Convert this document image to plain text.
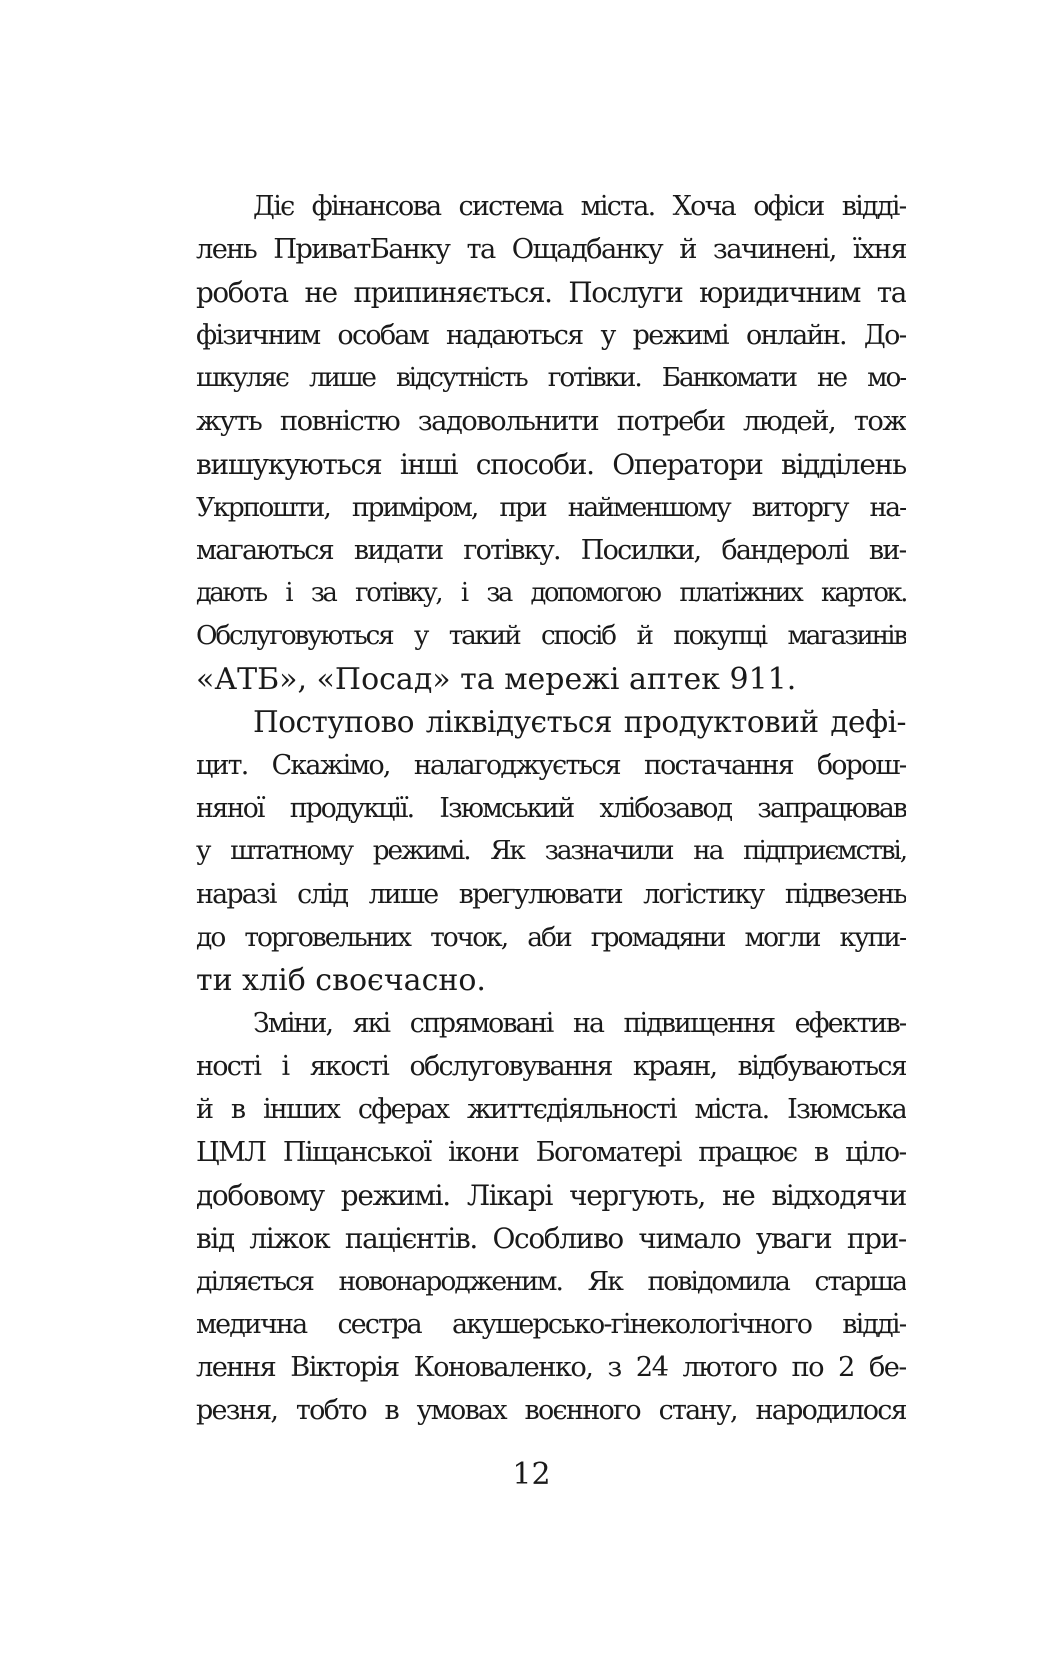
Діє фінансова система міста. Хоча офіси відді-
лень ПриватБанку та Ощадбанку й зачинені, їхня
робота не припиняється. Послуги юридичним та
фізичним особам надаються у режимі онлайн. До-
шкуляє лише відсутність готівки. Банкомати не мо-
жуть повністю задовольнити потреби людей, тож
вишукуються інші способи. Оператори відділень
Укрпошти, приміром, при найменшому виторгу на-
магаються видати готівку. Посилки, бандеролі ви-
дають і за готівку, і за допомогою платіжних карток.
Обслуговуються у такий спосіб й покупці магазинів
«АТБ», «Посад» та мережі аптек 911.
Поступово ліквідується продуктовий дефі-
цит. Скажімо, налагоджується постачання борош-
няної продукції. Ізюмський хлібозавод запрацював
у штатному режимі. Як зазначили на підприємстві,
наразі слід лише врегулювати логістику підвезень
до торговельних точок, аби громадяни могли купи-
ти хліб своєчасно.
Зміни, які спрямовані на підвищення ефектив-
ності і якості обслуговування краян, відбуваються
й в інших сферах життєдіяльності міста. Ізюмська
ЦМЛ Піщанської ікони Богоматері працює в ціло-
добовому режимі. Лікарі чергують, не відходячи
від ліжок пацієнтів. Особливо чимало уваги при-
діляється новонародженим. Як повідомила старша
медична сестра акушерсько-гінекологічного відді-
лення Вікторія Коноваленко, з 24 лютого по 2 бе-
резня, тобто в умовах воєнного стану, народилося
12
